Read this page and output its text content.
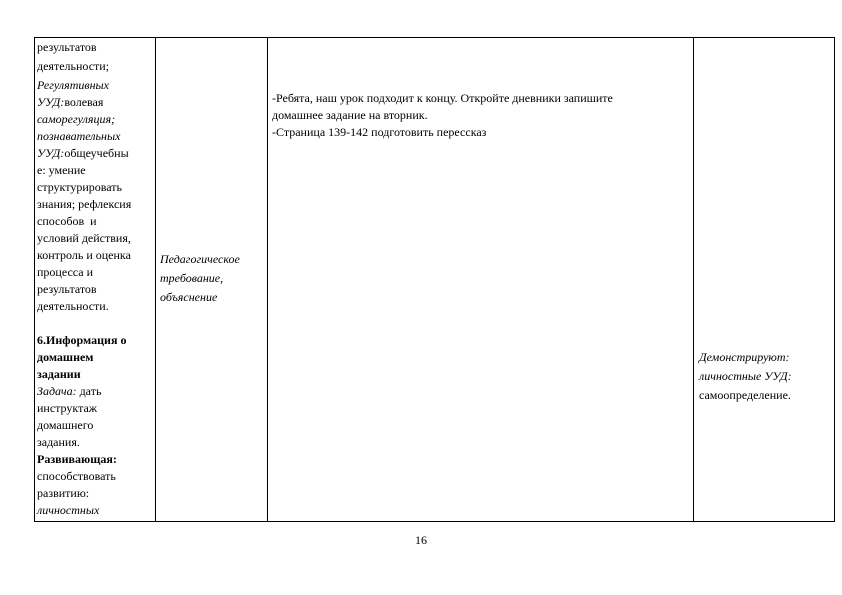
результатов
деятельности;
Регулятивных
УУД:волевая
саморегуляция;
познавательных
УУД:общеучебны
е: умение
структурировать
знания; рефлексия
способов  и
условий действия,
контроль и оценка
процесса и
результатов
деятельности.
6.Информация о
домашнем
задании
Задача: дать
инструктаж
домашнего
задания.
Развивающая:
способствовать
развитию:
личностных
Педагогическое
требование,
объяснение
-Ребята, наш урок подходит к концу. Откройте дневники запишите
домашнее задание на вторник.
-Страница 139-142 подготовить перессказ
Демонстрируют:
личностные УУД:
самоопределение.
16
